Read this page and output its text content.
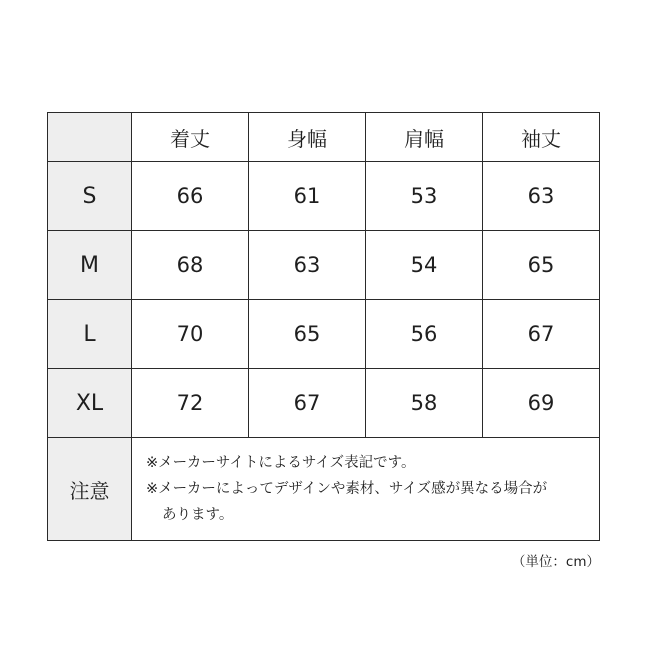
	着丈	身幅	肩幅	袖丈
S	66	61	53	63
M	68	63	54	65
L	70	65	56	67
XL	72	67	58	69
注意	※メーカーサイトによるサイズ表記です。
※メーカーによってデザインや素材、サイズ感が異なる場合が
あります。			
（単位：cm）
